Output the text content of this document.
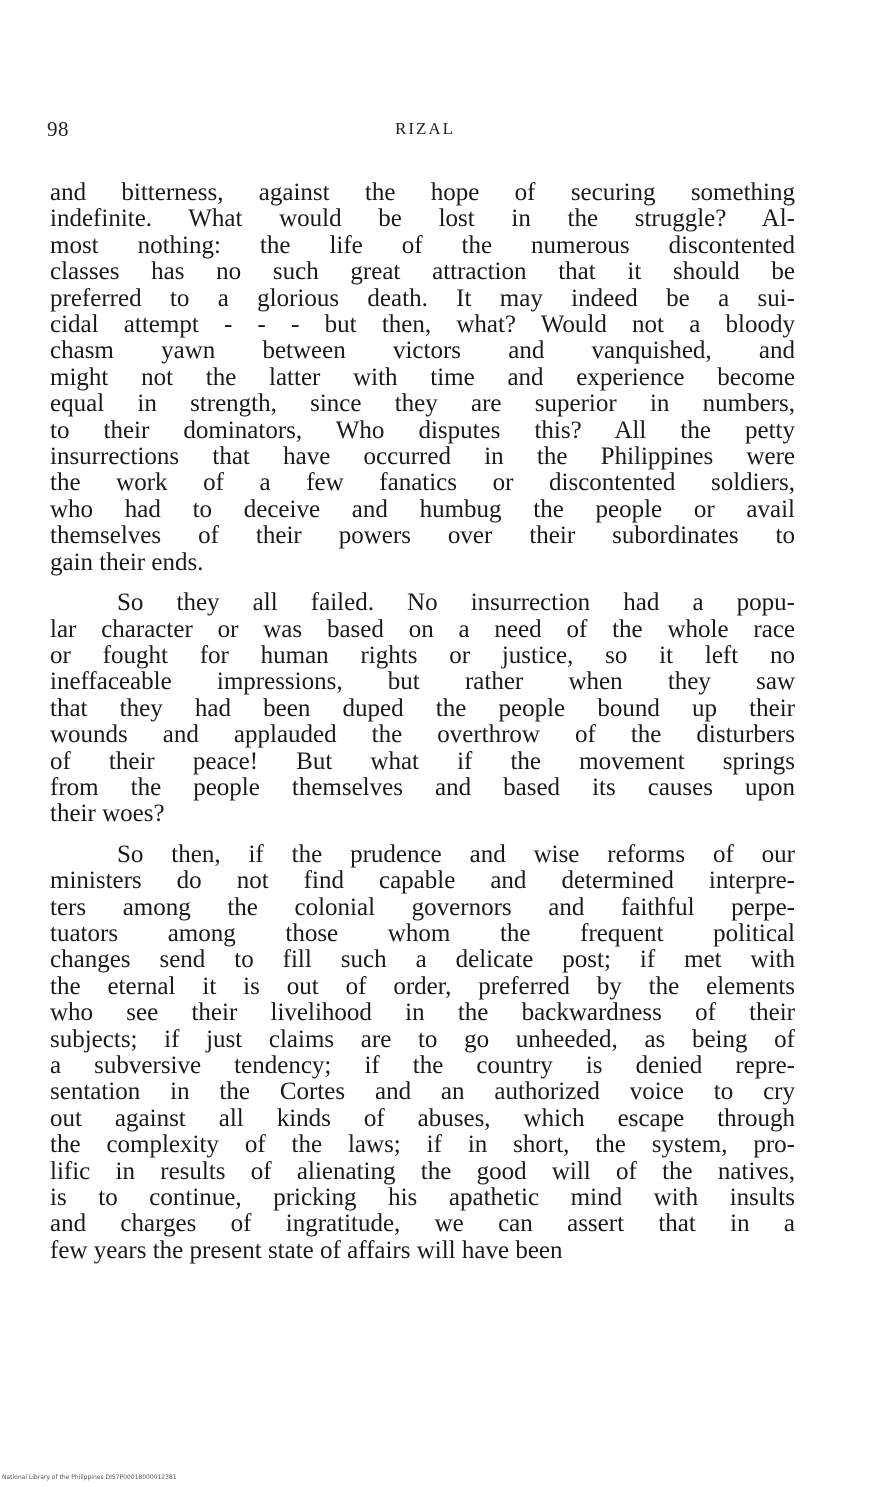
98	RIZAL
and bitterness, against the hope of securing something
indefinite. What would be lost in the struggle? Al-
most nothing: the life of the numerous discontented
classes has no such great attraction that it should be
preferred to a glorious death. It may indeed be a sui-
cidal attempt - - - but then, what? Would not a bloody
chasm yawn between victors and vanquished, and
might not the latter with time and experience become
equal in strength, since they are superior in numbers,
to their dominators, Who disputes this? All the petty
insurrections that have occurred in the Philippines were
the work of a few fanatics or discontented soldiers,
who had to deceive and humbug the people or avail
themselves of their powers over their subordinates to
gain their ends.
So they all failed. No insurrection had a popu-
lar character or was based on a need of the whole race
or fought for human rights or justice, so it left no
ineffaceable impressions, but rather when they saw
that they had been duped the people bound up their
wounds and applauded the overthrow of the disturbers
of their peace! But what if the movement springs
from the people themselves and based its causes upon
their woes?
So then, if the prudence and wise reforms of our
ministers do not find capable and determined interpre-
ters among the colonial governors and faithful perpe-
tuators among those whom the frequent political
changes send to fill such a delicate post; if met with
the eternal it is out of order, preferred by the elements
who see their livelihood in the backwardness of their
subjects; if just claims are to go unheeded, as being of
a subversive tendency; if the country is denied repre-
sentation in the Cortes and an authorized voice to cry
out against all kinds of abuses, which escape through
the complexity of the laws; if in short, the system, pro-
lific in results of alienating the good will of the natives,
is to continue, pricking his apathetic mind with insults
and charges of ingratitude, we can assert that in a
few years the present state of affairs will have been
National Library of the Philippines DI57P00018000012381
